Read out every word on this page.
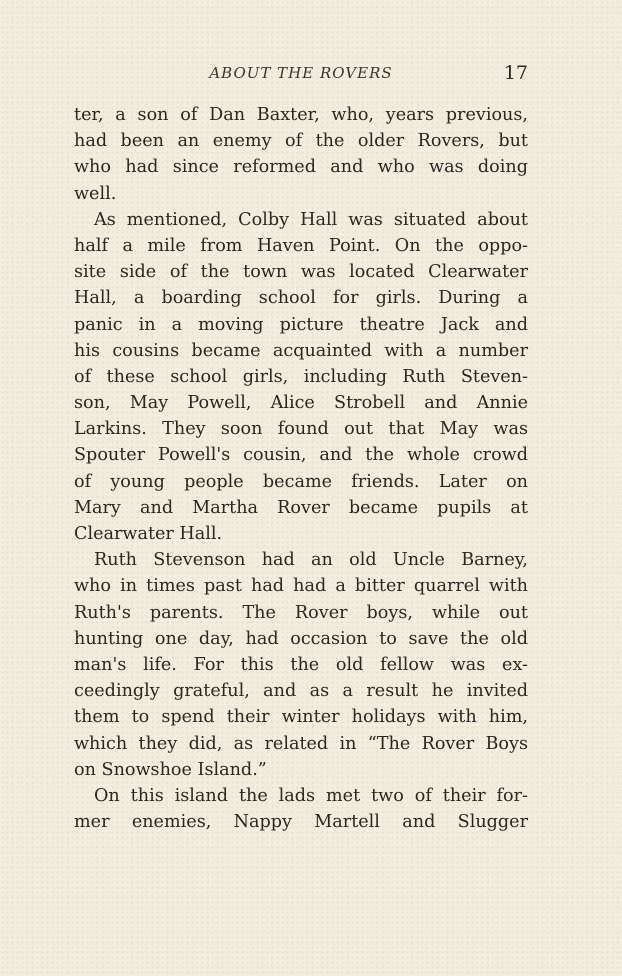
ABOUT THE ROVERS	17
ter, a son of Dan Baxter, who, years previous,
had been an enemy of the older Rovers, but
who had since reformed and who was doing
well.
As mentioned, Colby Hall was situated about
half a mile from Haven Point. On the oppo-
site side of the town was located Clearwater
Hall, a boarding school for girls. During a
panic in a moving picture theatre Jack and
his cousins became acquainted with a number
of these school girls, including Ruth Steven-
son, May Powell, Alice Strobell and Annie
Larkins. They soon found out that May was
Spouter Powell's cousin, and the whole crowd
of young people became friends. Later on
Mary and Martha Rover became pupils at
Clearwater Hall.
Ruth Stevenson had an old Uncle Barney,
who in times past had had a bitter quarrel with
Ruth's parents. The Rover boys, while out
hunting one day, had occasion to save the old
man's life. For this the old fellow was ex-
ceedingly grateful, and as a result he invited
them to spend their winter holidays with him,
which they did, as related in “The Rover Boys
on Snowshoe Island.”
On this island the lads met two of their for-
mer enemies, Nappy Martell and Slugger
